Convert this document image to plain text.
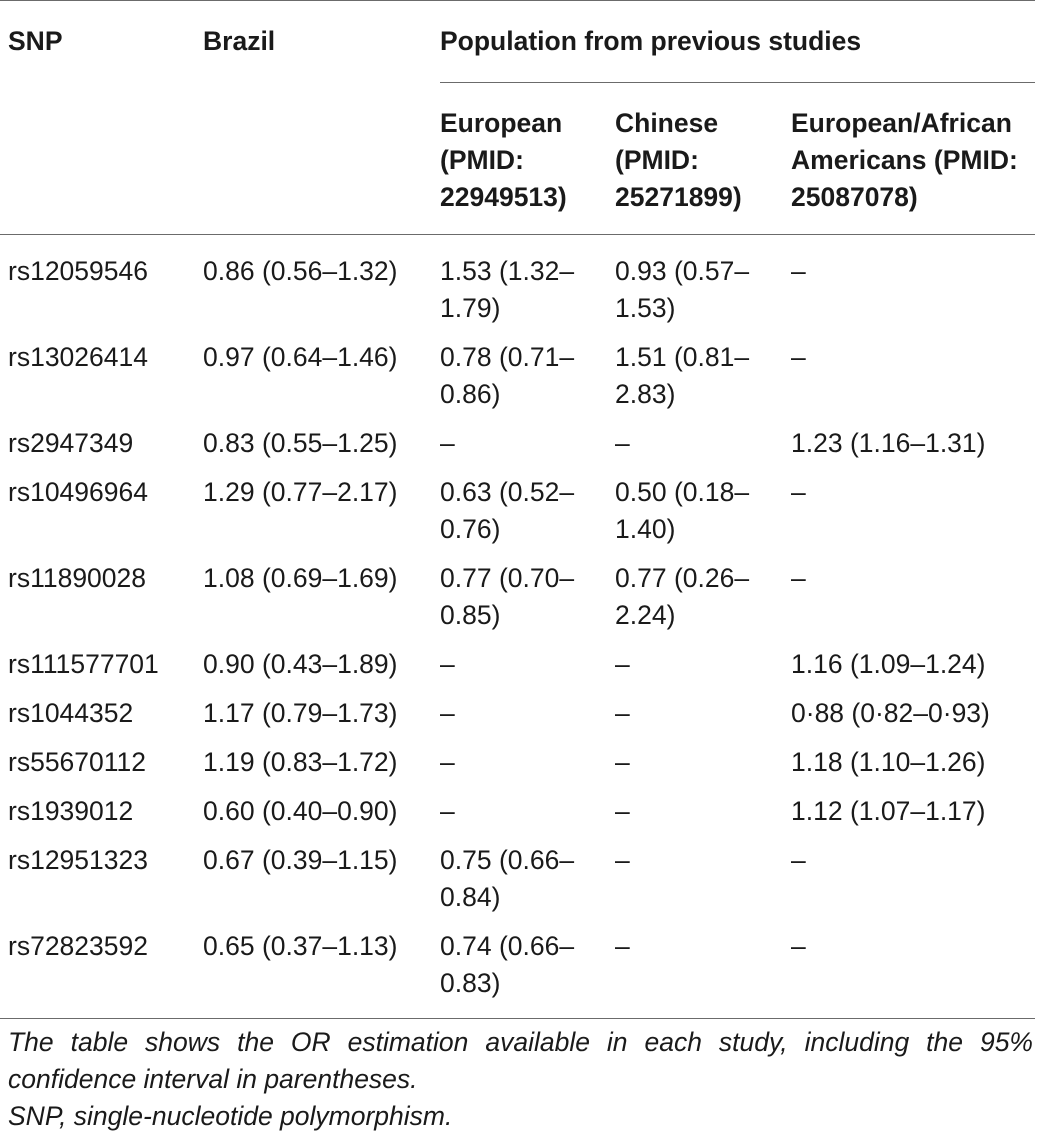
SNP	Brazil	Population from previous studies		

		European (PMID: 22949513)	Chinese (PMID: 25271899)	European/African Americans (PMID: 25087078)
rs12059546	0.86 (0.56–1.32)	1.53 (1.32–1.79)	0.93 (0.57–1.53)	–
rs13026414	0.97 (0.64–1.46)	0.78 (0.71–0.86)	1.51 (0.81–2.83)	–
rs2947349	0.83 (0.55–1.25)	–	–	1.23 (1.16–1.31)
rs10496964	1.29 (0.77–2.17)	0.63 (0.52–0.76)	0.50 (0.18–1.40)	–
rs11890028	1.08 (0.69–1.69)	0.77 (0.70–0.85)	0.77 (0.26–2.24)	–
rs111577701	0.90 (0.43–1.89)	–	–	1.16 (1.09–1.24)
rs1044352	1.17 (0.79–1.73)	–	–	0·88 (0·82–0·93)
rs55670112	1.19 (0.83–1.72)	–	–	1.18 (1.10–1.26)
rs1939012	0.60 (0.40–0.90)	–	–	1.12 (1.07–1.17)
rs12951323	0.67 (0.39–1.15)	0.75 (0.66–0.84)	–	–
rs72823592	0.65 (0.37–1.13)	0.74 (0.66–0.83)	–	–

The table shows the OR estimation available in each study, including the 95% confidence interval in parentheses.

SNP, single-nucleotide polymorphism.
